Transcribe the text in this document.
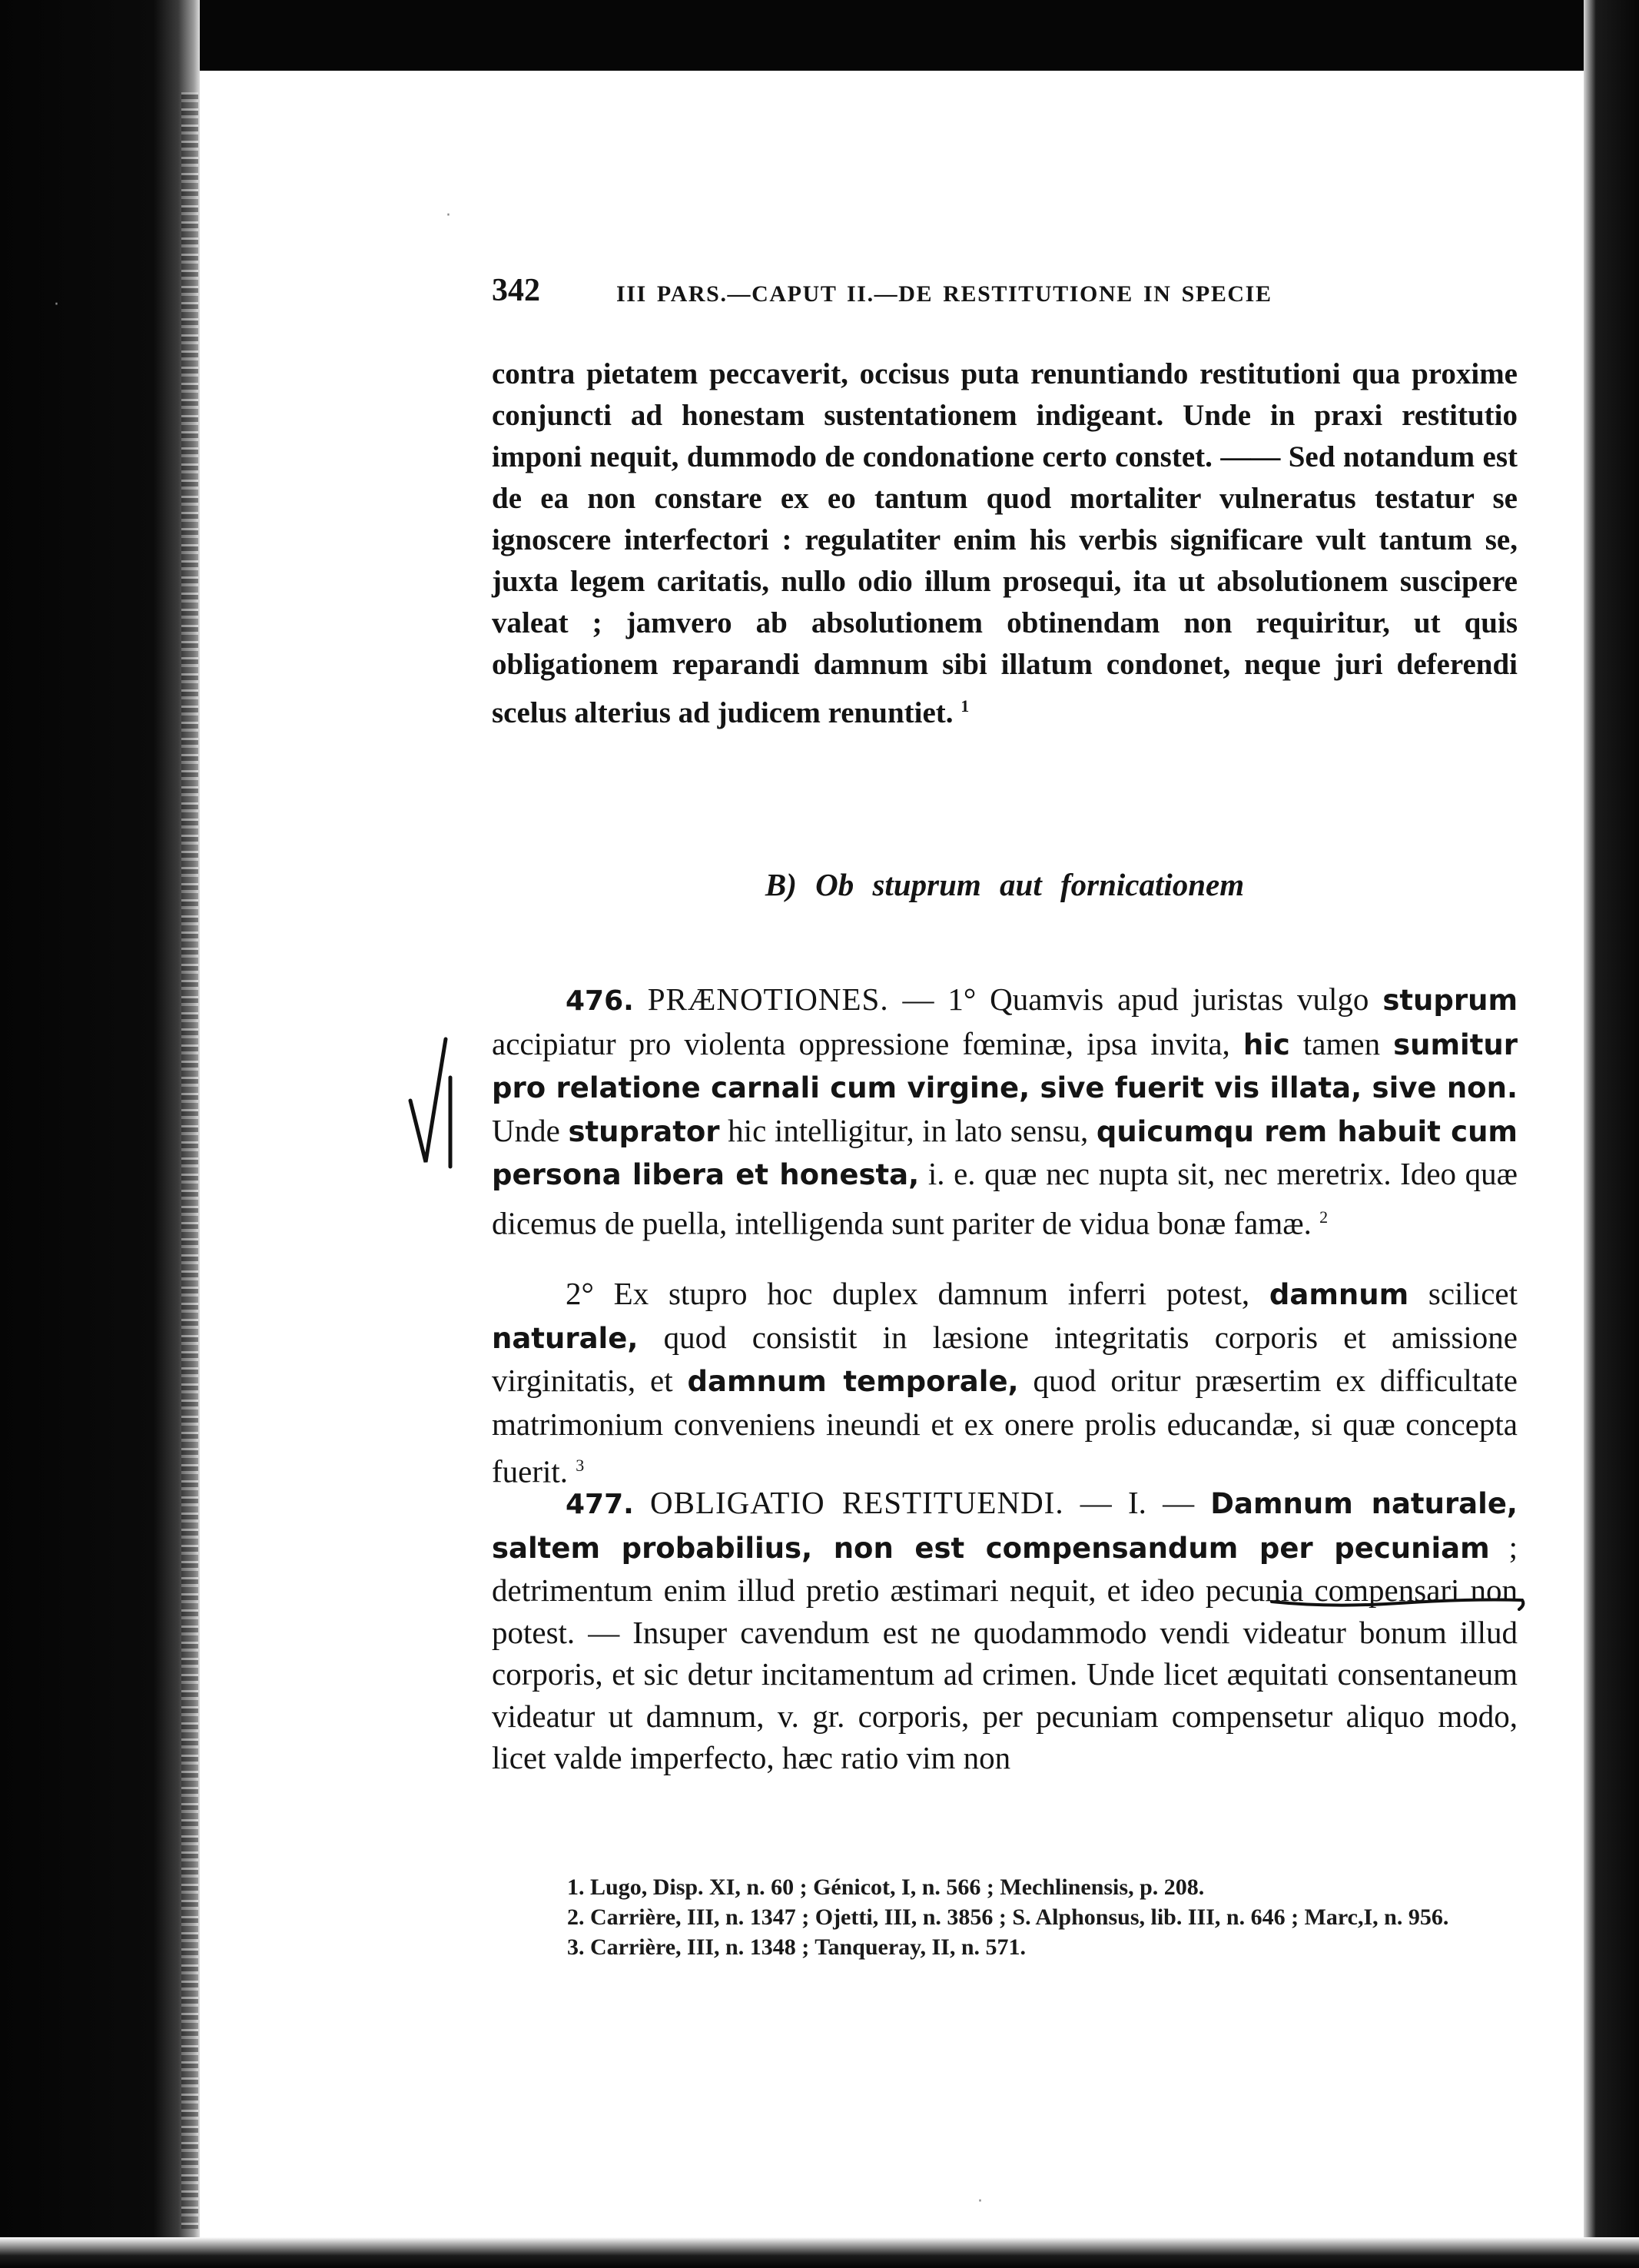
342	III PARS.—CAPUT II.—DE RESTITUTIONE IN SPECIE

contra pietatem peccaverit, occisus puta renuntiando restitutioni qua proxime conjuncti ad honestam sustentationem indigeant. Unde in praxi restitutio imponi nequit, dummodo de condonatione certo constet. —— Sed notandum est de ea non constare ex eo tantum quod mortaliter vulneratus testatur se ignoscere interfectori : regulatiter enim his verbis significare vult tantum se, juxta legem caritatis, nullo odio illum prosequi, ita ut absolutionem suscipere valeat ; jamvero ab absolutionem obtinendam non requiritur, ut quis obligationem reparandi damnum sibi illatum condonet, neque juri deferendi scelus alterius ad judicem renuntiet. $^1$

B) Ob stuprum aut fornicationem

476. PRÆNOTIONES. — 1° Quamvis apud juristas vulgo stuprum accipiatur pro violenta oppressione fœminæ, ipsa invita, hic tamen sumitur pro relatione carnali cum virgine, sive fuerit vis illata, sive non. Unde stuprator hic intelligitur, in lato sensu, quicumqu rem habuit cum persona libera et honesta, i. e. quæ nec nupta sit, nec meretrix. Ideo quæ dicemus de puella, intelligenda sunt pariter de vidua bonæ famæ. $^2$

2° Ex stupro hoc duplex damnum inferri potest, damnum scilicet naturale, quod consistit in læsione integritatis corporis et amissione virginitatis, et damnum temporale, quod oritur præsertim ex difficultate matrimonium conveniens ineundi et ex onere prolis educandæ, si quæ concepta fuerit. $^3$

477. OBLIGATIO RESTITUENDI. — I. — Damnum naturale, saltem probabilius, non est compensandum per pecuniam ; detrimentum enim illud pretio æstimari nequit, et ideo pecunia compensari non potest. — Insuper cavendum est ne quodammodo vendi videatur bonum illud corporis, et sic detur incitamentum ad crimen. Unde licet æquitati consentaneum videatur ut damnum, v. gr. corporis, per pecuniam compensetur aliquo modo, licet valde imperfecto, hæc ratio vim non

1. Lugo, Disp. XI, n. 60 ; Génicot, I, n. 566 ; Mechlinensis, p. 208.

2. Carrière, III, n. 1347 ; Ojetti, III, n. 3856 ; S. Alphonsus, lib. III, n. 646 ; Marc,I, n. 956.

3. Carrière, III, n. 1348 ; Tanqueray, II, n. 571.

·
·
·
